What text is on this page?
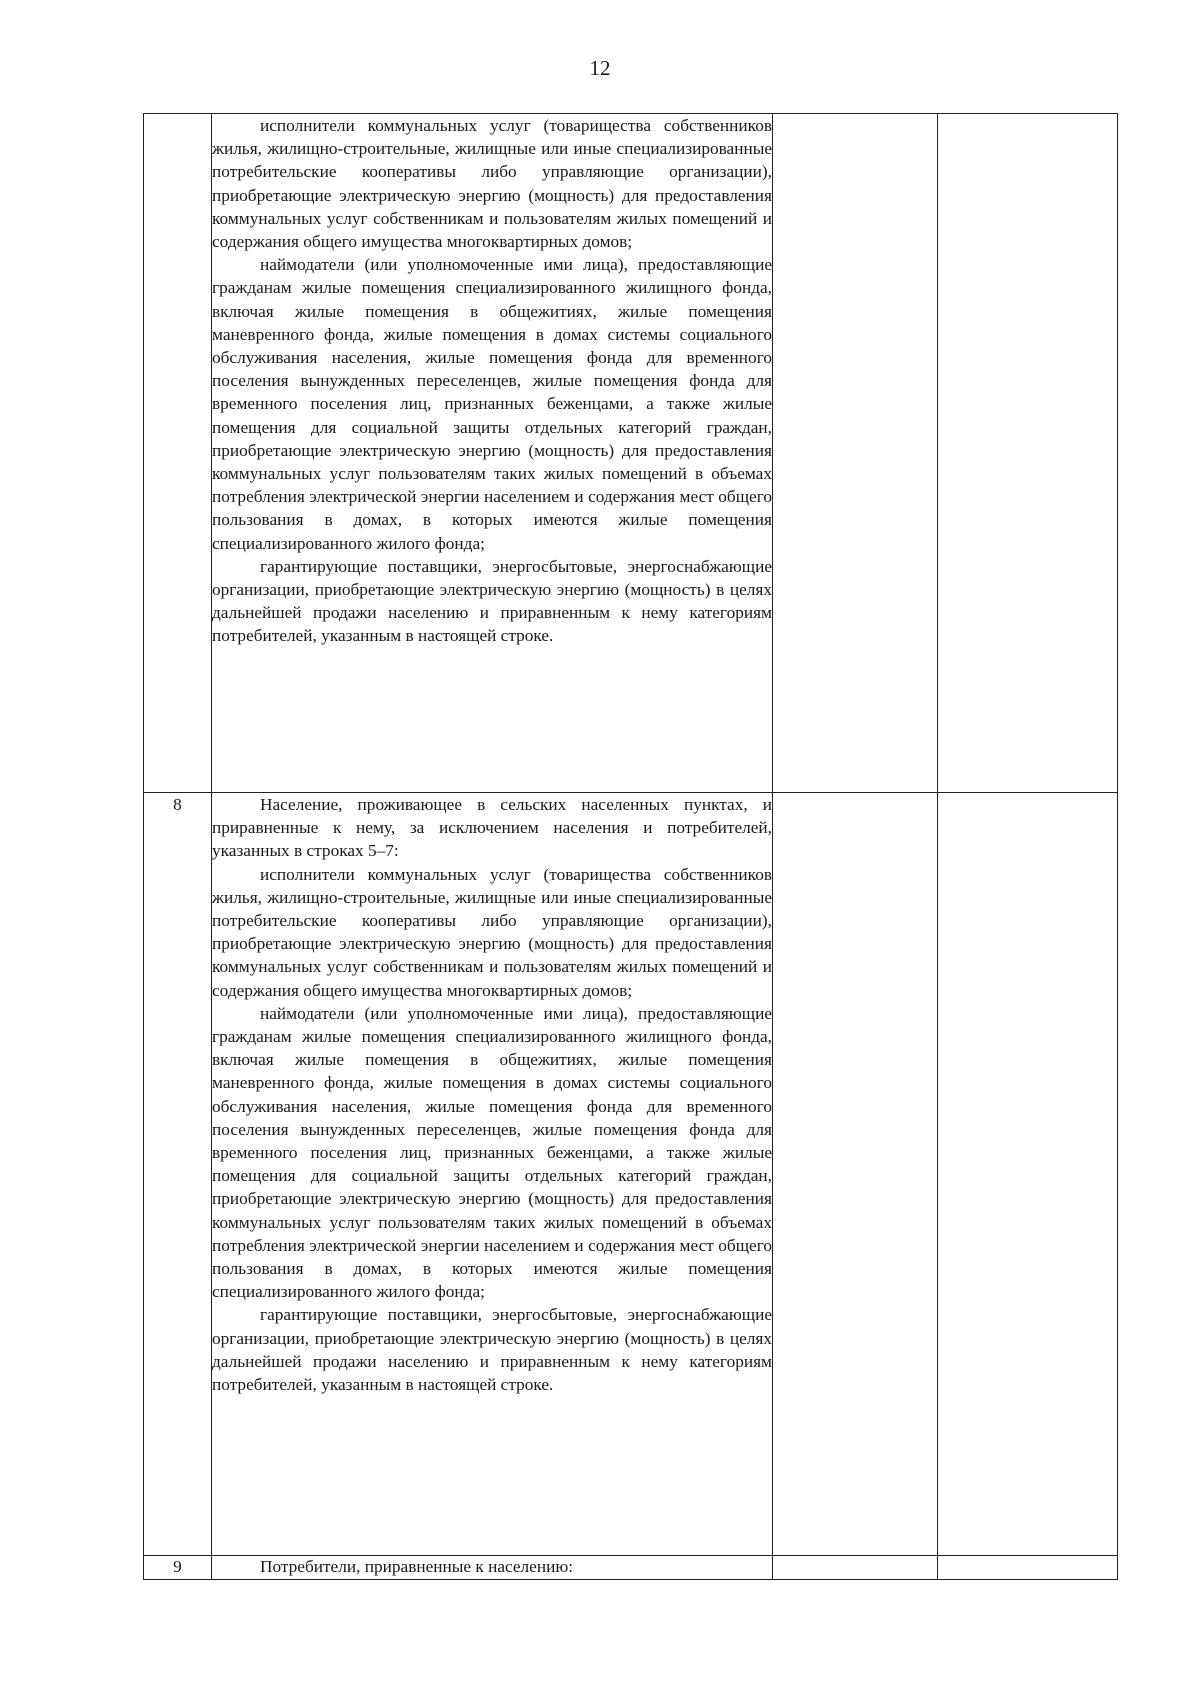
12

	исполнители коммунальных услуг (товарищества собственников жилья, жилищно-строительные, жилищные или иные специализированные потребительские кооперативы либо управляющие организации), приобретающие электрическую энергию (мощность) для предоставления коммунальных услуг собственникам и пользователям жилых помещений и содержания общего имущества многоквартирных домов;

наймодатели (или уполномоченные ими лица), предоставляющие гражданам жилые помещения специализированного жилищного фонда, включая жилые помещения в общежитиях, жилые помещения маневренного фонда, жилые помещения в домах системы социального обслуживания населения, жилые помещения фонда для временного поселения вынужденных переселенцев, жилые помещения фонда для временного поселения лиц, признанных беженцами, а также жилые помещения для социальной защиты отдельных категорий граждан, приобретающие электрическую энергию (мощность) для предоставления коммунальных услуг пользователям таких жилых помещений в объемах потребления электрической энергии населением и содержания мест общего пользования в домах, в которых имеются жилые помещения специализированного жилого фонда;

гарантирующие поставщики, энергосбытовые, энергоснабжающие организации, приобретающие электрическую энергию (мощность) в целях дальнейшей продажи населению и приравненным к нему категориям потребителей, указанным в настоящей строке.		

8	Население, проживающее в сельских населенных пунктах, и приравненные к нему, за исключением населения и потребителей, указанных в строках 5–7:

исполнители коммунальных услуг (товарищества собственников жилья, жилищно-строительные, жилищные или иные специализированные потребительские кооперативы либо управляющие организации), приобретающие электрическую энергию (мощность) для предоставления коммунальных услуг собственникам и пользователям жилых помещений и содержания общего имущества многоквартирных домов;

наймодатели (или уполномоченные ими лица), предоставляющие гражданам жилые помещения специализированного жилищного фонда, включая жилые помещения в общежитиях, жилые помещения маневренного фонда, жилые помещения в домах системы социального обслуживания населения, жилые помещения фонда для временного поселения вынужденных переселенцев, жилые помещения фонда для временного поселения лиц, признанных беженцами, а также жилые помещения для социальной защиты отдельных категорий граждан, приобретающие электрическую энергию (мощность) для предоставления коммунальных услуг пользователям таких жилых помещений в объемах потребления электрической энергии населением и содержания мест общего пользования в домах, в которых имеются жилые помещения специализированного жилого фонда;

гарантирующие поставщики, энергосбытовые, энергоснабжающие организации, приобретающие электрическую энергию (мощность) в целях дальнейшей продажи населению и приравненным к нему категориям потребителей, указанным в настоящей строке.		

9	Потребители, приравненные к населению:		
